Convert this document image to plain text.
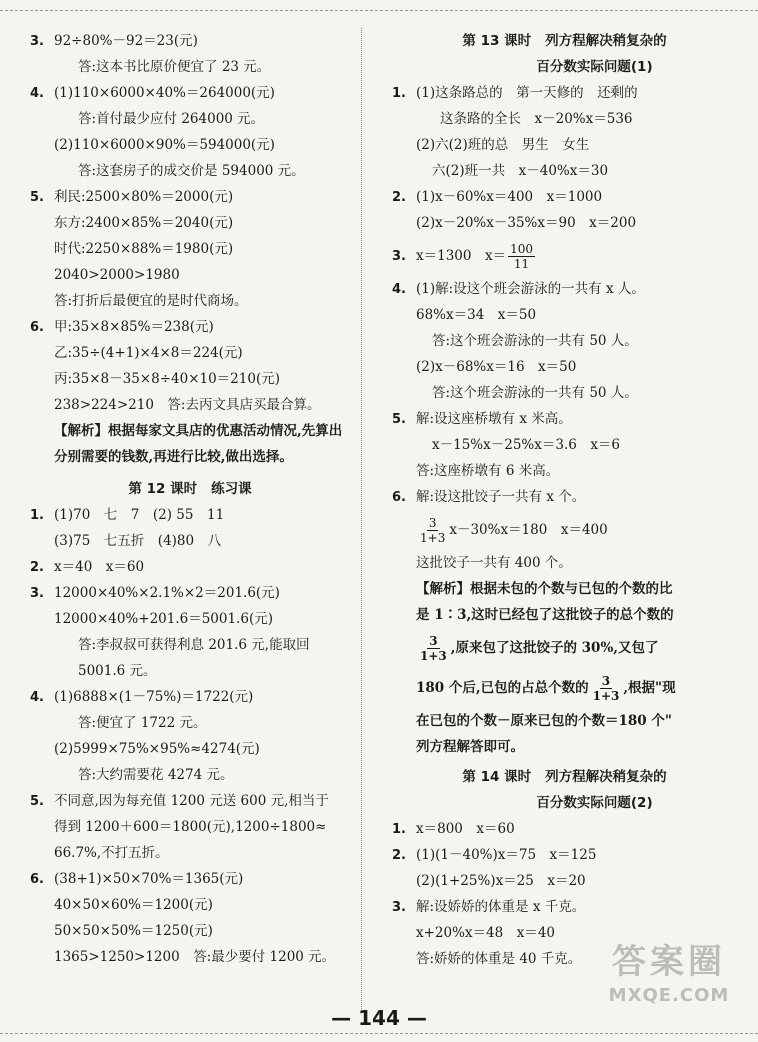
3. 92÷80%－92＝23(元)
答:这本书比原价便宜了 23 元。
4. (1)110×6000×40%＝264000(元)
答:首付最少应付 264000 元。
(2)110×6000×90%＝594000(元)
答:这套房子的成交价是 594000 元。
5. 利民:2500×80%＝2000(元)
东方:2400×85%＝2040(元)
时代:2250×88%＝1980(元)
2040>2000>1980
答:打折后最便宜的是时代商场。
6. 甲:35×8×85%＝238(元)
乙:35÷(4+1)×4×8＝224(元)
丙:35×8－35×8÷40×10＝210(元)
238>224>210　答:去丙文具店买最合算。
【解析】根据每家文具店的优惠活动情况,先算出分别需要的钱数,再进行比较,做出选择。
第 12 课时 练习课
1. (1)70　七　7　(2) 55　11
(3)75　七五折　(4)80　八
2. x＝40　x＝60
3. 12000×40%×2.1%×2＝201.6(元)
12000×40%+201.6＝5001.6(元)
答:李叔叔可获得利息 201.6 元,能取回
5001.6 元。
4. (1)6888×(1－75%)＝1722(元)
答:便宜了 1722 元。
(2)5999×75%×95%≈4274(元)
答:大约需要花 4274 元。
5. 不同意,因为每充值 1200 元送 600 元,相当于
得到 1200＋600＝1800(元),1200÷1800≈
66.7%,不打五折。
6. (38+1)×50×70%＝1365(元)
40×50×60%＝1200(元)
50×50×50%＝1250(元)
1365>1250>1200　答:最少要付 1200 元。
第 13 课时 列方程解决稍复杂的
百分数实际问题(1)
1. (1)这条路总的　第一天修的　还剩的
这条路的全长　x－20%x＝536
(2)六(2)班的总　男生　女生
六(2)班一共　x－40%x＝30
2. (1)x－60%x＝400　x＝1000
(2)x－20%x－35%x＝90　x＝200
3. x＝1300　$x= \frac{100}{11}$
4. (1)解:设这个班会游泳的一共有 x 人。
68%x＝34　x＝50
答:这个班会游泳的一共有 50 人。
(2)x－68%x＝16　x＝50
答:这个班会游泳的一共有 50 人。
5. 解:设这座桥墩有 x 米高。
x－15%x－25%x＝3.6　x＝6
答:这座桥墩有 6 米高。
6. 解:设这批饺子一共有 x 个。
$\frac{3}{1+3} x-30\%x=180$　x＝400
这批饺子一共有 400 个。
【解析】根据未包的个数与已包的个数的比
是 1∶3,这时已经包了这批饺子的总个数的
$\frac{3}{1+3}$ ,原来包了这批饺子的 30%,又包了
180 个后,已包的占总个数的 $\frac{3}{1+3}$ ,根据"现
在已包的个数－原来已包的个数＝180 个"
列方程解答即可。
第 14 课时 列方程解决稍复杂的
百分数实际问题(2)
1. x＝800　x＝60
2. (1)(1－40%)x＝75　x＝125
(2)(1+25%)x＝25　x＝20
3. 解:设娇娇的体重是 x 千克。
x+20%x＝48　x＝40
答:娇娇的体重是 40 千克。
— 144 —
答案圈
MXQE.COM
